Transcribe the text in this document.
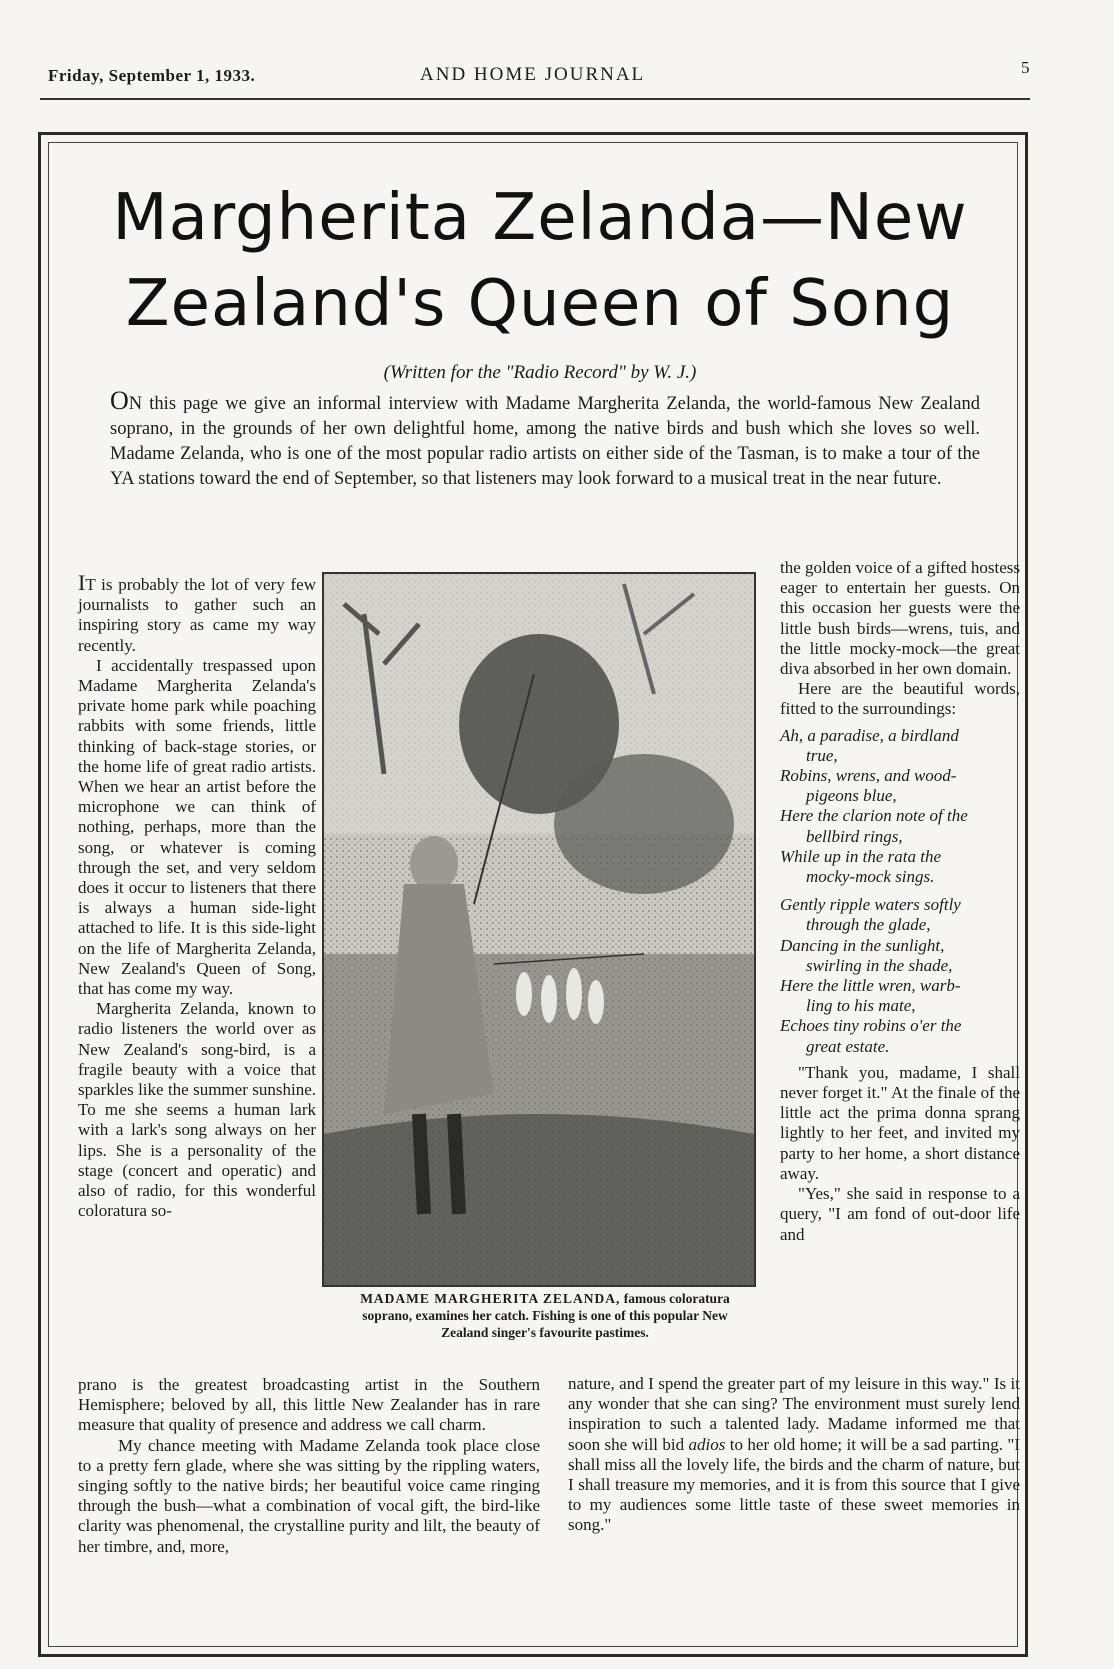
Friday, September 1, 1933.	AND HOME JOURNAL	5
Margherita Zelanda—New
Zealand's Queen of Song
(Written for the "Radio Record" by W. J.)
ON this page we give an informal interview with Madame Margherita Zelanda, the world-famous New Zealand soprano, in the grounds of her own delightful home, among the native birds and bush which she loves so well. Madame Zelanda, who is one of the most popular radio artists on either side of the Tasman, is to make a tour of the YA stations toward the end of September, so that listeners may look forward to a musical treat in the near future.

IT is probably the lot of very few journalists to gather such an inspiring story as came my way recently.

I accidentally trespassed upon Madame Margherita Zelanda's private home park while poaching rabbits with some friends, little thinking of back-stage stories, or the home life of great radio artists. When we hear an artist before the microphone we can think of nothing, perhaps, more than the song, or whatever is coming through the set, and very seldom does it occur to listeners that there is always a human side-light attached to life. It is this side-light on the life of Margherita Zelanda, New Zealand's Queen of Song, that has come my way.

Margherita Zelanda, known to radio listeners the world over as New Zealand's song-bird, is a fragile beauty with a voice that sparkles like the summer sunshine. To me she seems a human lark with a lark's song always on her lips. She is a personality of the stage (concert and operatic) and also of radio, for this wonderful coloratura so-

MADAME MARGHERITA ZELANDA, famous coloratura soprano, examines her catch. Fishing is one of this popular New Zealand singer's favourite pastimes.

the golden voice of a gifted hostess eager to entertain her guests. On this occasion her guests were the little bush birds—wrens, tuis, and the little mocky-mock—the great diva absorbed in her own domain.

Here are the beautiful words, fitted to the surroundings:

Ah, a paradise, a birdland
true,
Robins, wrens, and wood-
pigeons blue,
Here the clarion note of the
bellbird rings,
While up in the rata the
mocky-mock sings.
Gently ripple waters softly
through the glade,
Dancing in the sunlight,
swirling in the shade,
Here the little wren, warb-
ling to his mate,
Echoes tiny robins o'er the
great estate.

"Thank you, madame, I shall never forget it." At the finale of the little act the prima donna sprang lightly to her feet, and invited my party to her home, a short distance away.

"Yes," she said in response to a query, "I am fond of out-door life and

prano is the greatest broadcasting artist in the Southern Hemisphere; beloved by all, this little New Zealander has in rare measure that quality of presence and address we call charm.

My chance meeting with Madame Zelanda took place close to a pretty fern glade, where she was sitting by the rippling waters, singing softly to the native birds; her beautiful voice came ringing through the bush—what a combination of vocal gift, the bird-like clarity was phenomenal, the crystalline purity and lilt, the beauty of her timbre, and, more,

nature, and I spend the greater part of my leisure in this way." Is it any wonder that she can sing? The environment must surely lend inspiration to such a talented lady. Madame informed me that soon she will bid adios to her old home; it will be a sad parting. "I shall miss all the lovely life, the birds and the charm of nature, but I shall treasure my memories, and it is from this source that I give to my audiences some little taste of these sweet memories in song."
